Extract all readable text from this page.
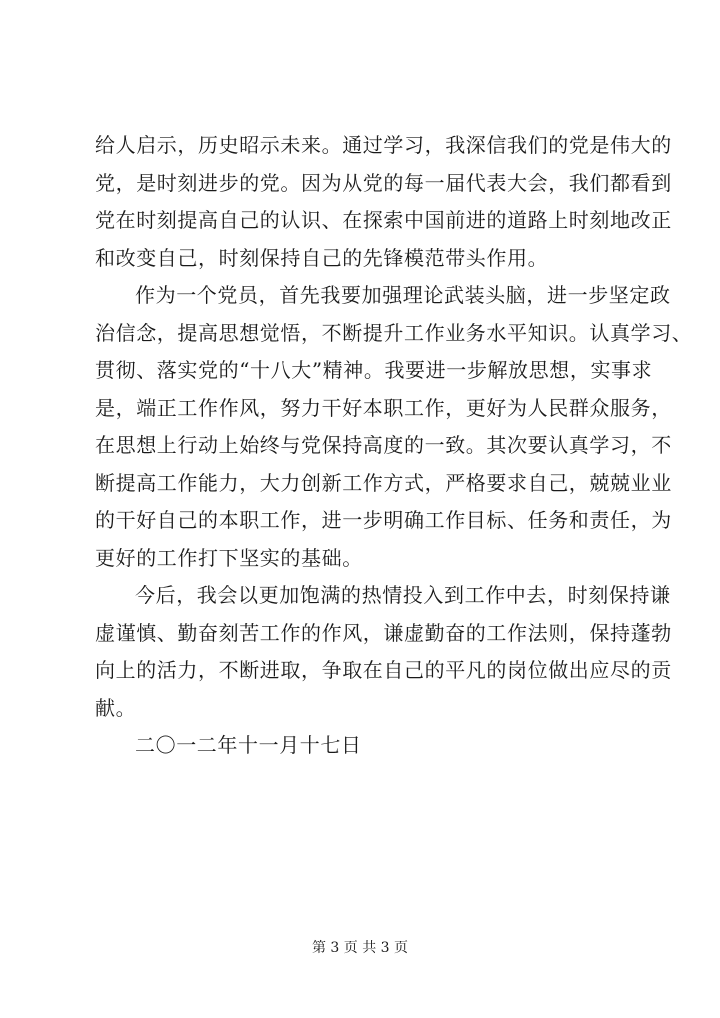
给人启示，历史昭示未来。通过学习，我深信我们的党是伟大的
党，是时刻进步的党。因为从党的每一届代表大会，我们都看到
党在时刻提高自己的认识、在探索中国前进的道路上时刻地改正
和改变自己，时刻保持自己的先锋模范带头作用。
作为一个党员，首先我要加强理论武装头脑，进一步坚定政
治信念，提高思想觉悟，不断提升工作业务水平知识。认真学习、
贯彻、落实党的“十八大”精神。我要进一步解放思想，实事求
是，端正工作作风，努力干好本职工作，更好为人民群众服务，
在思想上行动上始终与党保持高度的一致。其次要认真学习，不
断提高工作能力，大力创新工作方式，严格要求自己，兢兢业业
的干好自己的本职工作，进一步明确工作目标、任务和责任，为
更好的工作打下坚实的基础。
今后，我会以更加饱满的热情投入到工作中去，时刻保持谦
虚谨慎、勤奋刻苦工作的作风，谦虚勤奋的工作法则，保持蓬勃
向上的活力，不断进取，争取在自己的平凡的岗位做出应尽的贡
献。
二〇一二年十一月十七日
第 3 页 共 3 页
